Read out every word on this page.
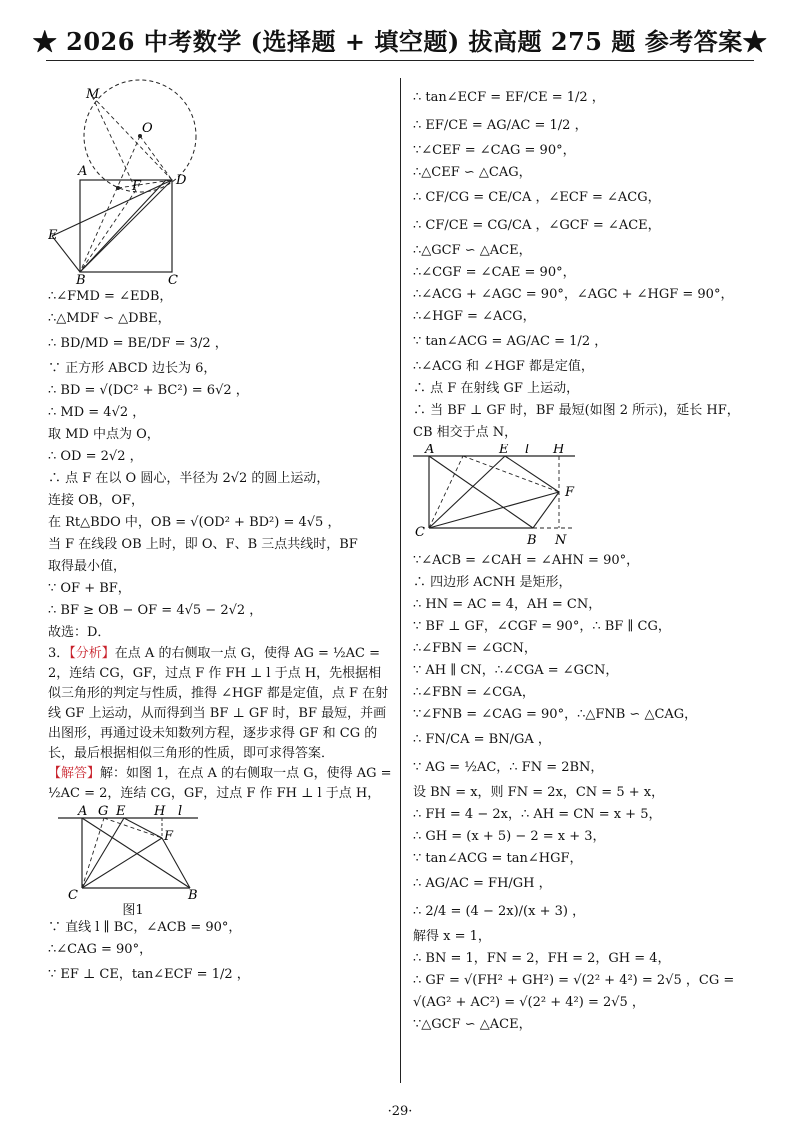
★ 2026 中考数学 (选择题 + 填空题) 拔高题 275 题 参考答案★
M
O
A
F	D
E
B	C
∴∠FMD = ∠EDB，
∴△MDF ∽ △DBE，
∴ BD/MD = BE/DF = 3/2 ，
∵ 正方形 ABCD 边长为 6，
∴ BD = √(DC² + BC²) = 6√2 ，
∴ MD = 4√2 ，
取 MD 中点为 O，
∴ OD = 2√2 ，
∴ 点 F 在以 O 圆心，半径为 2√2 的圆上运动，
连接 OB，OF，
在 Rt△BDO 中，OB = √(OD² + BD²) = 4√5 ，
当 F 在线段 OB 上时，即 O、F、B 三点共线时，BF
取得最小值，
∵ OF + BF，
∴ BF ≥ OB − OF = 4√5 − 2√2 ，
故选：D．
3．【分析】在点 A 的右侧取一点 G，使得 AG = ½AC = 2，连结 CG，GF，过点 F 作 FH ⊥ l 于点 H，先根据相似三角形的判定与性质，推得 ∠HGF 都是定值，点 F 在射线 GF 上运动，从而得到当 BF ⊥ GF 时，BF 最短，并画出图形，再通过设未知数列方程，逐步求得 GF 和 CG 的长，最后根据相似三角形的性质，即可求得答案．
【解答】解：如图 1，在点 A 的右侧取一点 G，使得 AG = ½AC = 2，连结 CG，GF，过点 F 作 FH ⊥ l 于点 H，
A G E H l
F
C	B
图1
∵ 直线 l ∥ BC，∠ACB = 90°，
∴∠CAG = 90°，
∵ EF ⊥ CE，tan∠ECF = 1/2 ，
∴ tan∠ECF = EF/CE = 1/2 ，
∴ EF/CE = AG/AC = 1/2 ，
∵∠CEF = ∠CAG = 90°，
∴△CEF ∽ △CAG，
∴ CF/CG = CE/CA ，∠ECF = ∠ACG，
∴ CF/CE = CG/CA ，∠GCF = ∠ACE，
∴△GCF ∽ △ACE，
∴∠CGF = ∠CAE = 90°，
∴∠ACG + ∠AGC = 90°，∠AGC + ∠HGF = 90°，
∴∠HGF = ∠ACG，
∵ tan∠ACG = AG/AC = 1/2 ，
∴∠ACG 和 ∠HGF 都是定值，
∴ 点 F 在射线 GF 上运动，
∴ 当 BF ⊥ GF 时，BF 最短(如图 2 所示)，延长 HF，
CB 相交于点 N，
A	E l H
F
C
B N
∵∠ACB = ∠CAH = ∠AHN = 90°，
∴ 四边形 ACNH 是矩形，
∴ HN = AC = 4，AH = CN，
∵ BF ⊥ GF，∠CGF = 90°，∴ BF ∥ CG，
∴∠FBN = ∠GCN，
∵ AH ∥ CN，∴∠CGA = ∠GCN，
∴∠FBN = ∠CGA，
∵∠FNB = ∠CAG = 90°，∴△FNB ∽ △CAG，
∴ FN/CA = BN/GA ，
∵ AG = ½AC，∴ FN = 2BN，
设 BN = x，则 FN = 2x，CN = 5 + x，
∴ FH = 4 − 2x，∴ AH = CN = x + 5，
∴ GH = (x + 5) − 2 = x + 3，
∵ tan∠ACG = tan∠HGF，
∴ AG/AC = FH/GH ，
∴ 2/4 = (4 − 2x)/(x + 3) ，
解得 x = 1，
∴ BN = 1，FN = 2，FH = 2，GH = 4，
∴ GF = √(FH² + GH²) = √(2² + 4²) = 2√5 ，CG =
√(AG² + AC²) = √(2² + 4²) = 2√5 ，
∵△GCF ∽ △ACE，
·29·
